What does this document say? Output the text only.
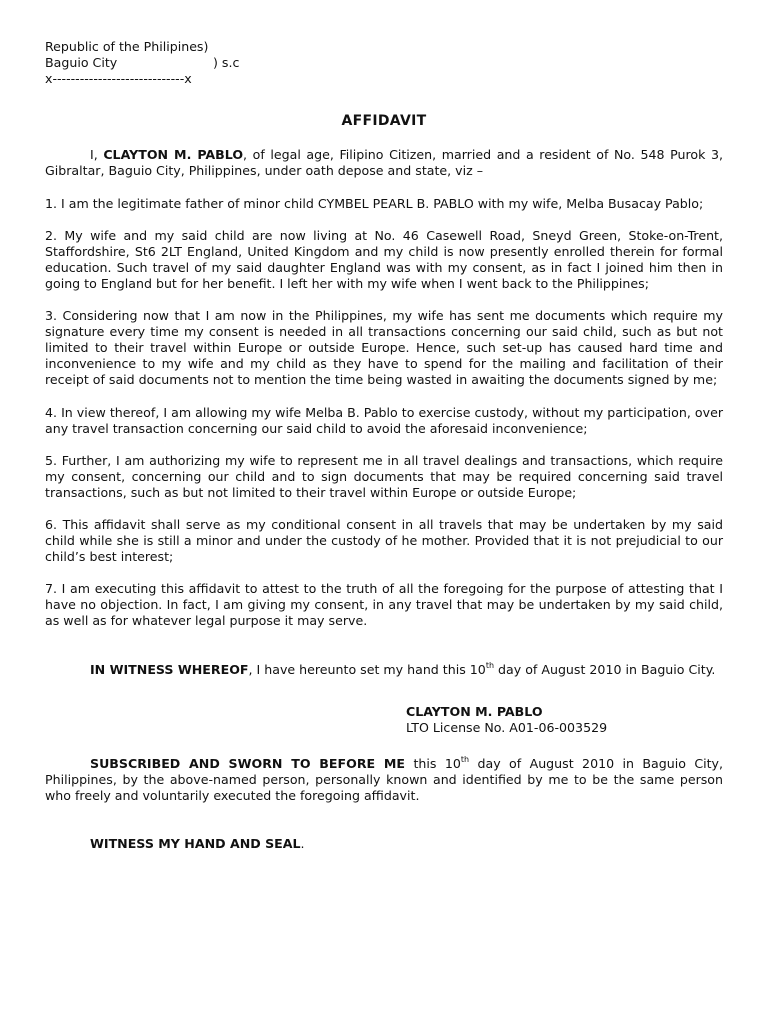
Republic of the Philipines)
Baguio City	) s.c
x-----------------------------x
AFFIDAVIT

I, CLAYTON M. PABLO, of legal age, Filipino Citizen, married and a resident of No. 548 Purok 3, Gibraltar, Baguio City, Philippines, under oath depose and state, viz –

1. I am the legitimate father of minor child CYMBEL PEARL B. PABLO with my wife, Melba Busacay Pablo;

2. My wife and my said child are now living at No. 46 Casewell Road, Sneyd Green, Stoke-on-Trent, Staffordshire, St6 2LT England, United Kingdom and my child is now presently enrolled therein for formal education. Such travel of my said daughter England was with my consent, as in fact I joined him then in going to England but for her benefit. I left her with my wife when I went back to the Philippines;

3. Considering now that I am now in the Philippines, my wife has sent me documents which require my signature every time my consent is needed in all transactions concerning our said child, such as but not limited to their travel within Europe or outside Europe. Hence, such set-up has caused hard time and inconvenience to my wife and my child as they have to spend for the mailing and facilitation of their receipt of said documents not to mention the time being wasted in awaiting the documents signed by me;

4. In view thereof, I am allowing my wife Melba B. Pablo to exercise custody, without my participation, over any travel transaction concerning our said child to avoid the aforesaid inconvenience;

5. Further, I am authorizing my wife to represent me in all travel dealings and transactions, which require my consent, concerning our child and to sign documents that may be required concerning said travel transactions, such as but not limited to their travel within Europe or outside Europe;

6. This affidavit shall serve as my conditional consent in all travels that may be undertaken by my said child while she is still a minor and under the custody of he mother. Provided that it is not prejudicial to our child’s best interest;

7. I am executing this affidavit to attest to the truth of all the foregoing for the purpose of attesting that I have no objection. In fact, I am giving my consent, in any travel that may be undertaken by my said child, as well as for whatever legal purpose it may serve.

IN WITNESS WHEREOF, I have hereunto set my hand this 10th day of August 2010 in Baguio City.

CLAYTON M. PABLO
LTO License No. A01-06-003529

SUBSCRIBED AND SWORN TO BEFORE ME this 10th day of August 2010 in Baguio City, Philippines, by the above-named person, personally known and identified by me to be the same person who freely and voluntarily executed the foregoing affidavit.

WITNESS MY HAND AND SEAL.
